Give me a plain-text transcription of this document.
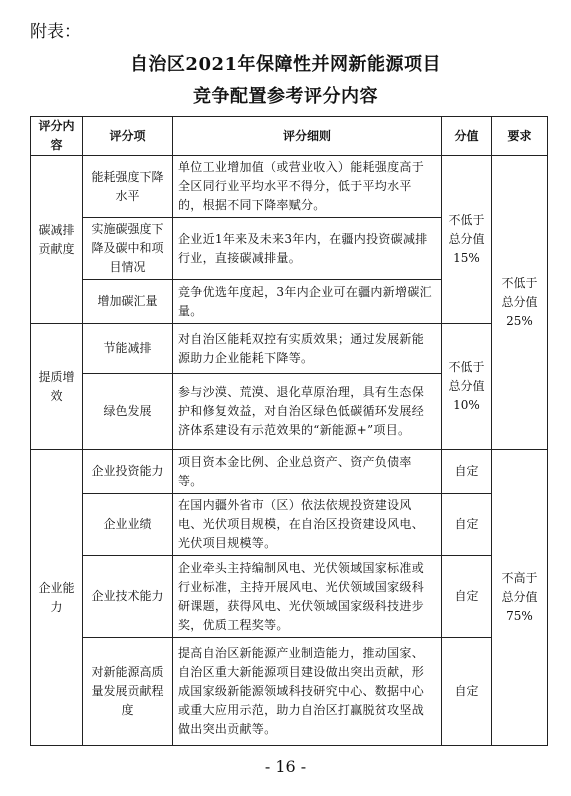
附表：
自治区2021年保障性并网新能源项目
竞争配置参考评分内容
评分内容	评分项	评分细则	分值	要求
碳减排贡献度	能耗强度下降水平	单位工业增加值（或营业收入）能耗强度高于全区同行业平均水平不得分，低于平均水平的，根据不同下降率赋分。	不低于总分值15%	不低于总分值25%
	实施碳强度下降及碳中和项目情况	企业近1年来及未来3年内，在疆内投资碳减排行业，直接碳减排量。		
	增加碳汇量	竞争优选年度起，3年内企业可在疆内新增碳汇量。		
提质增效	节能减排	对自治区能耗双控有实质效果；通过发展新能源助力企业能耗下降等。	不低于总分值10%	
	绿色发展	参与沙漠、荒漠、退化草原治理，具有生态保护和修复效益，对自治区绿色低碳循环发展经济体系建设有示范效果的“新能源+”项目。		
企业能力	企业投资能力	项目资本金比例、企业总资产、资产负债率等。	自定	不高于总分值75%
	企业业绩	在国内疆外省市（区）依法依规投资建设风电、光伏项目规模，在自治区投资建设风电、光伏项目规模等。	自定	
	企业技术能力	企业牵头主持编制风电、光伏领域国家标准或行业标准，主持开展风电、光伏领域国家级科研课题，获得风电、光伏领域国家级科技进步奖，优质工程奖等。	自定	
	对新能源高质量发展贡献程度	提高自治区新能源产业制造能力，推动国家、自治区重大新能源项目建设做出突出贡献，形成国家级新能源领域科技研究中心、数据中心或重大应用示范，助力自治区打赢脱贫攻坚战做出突出贡献等。	自定	
- 16 -
